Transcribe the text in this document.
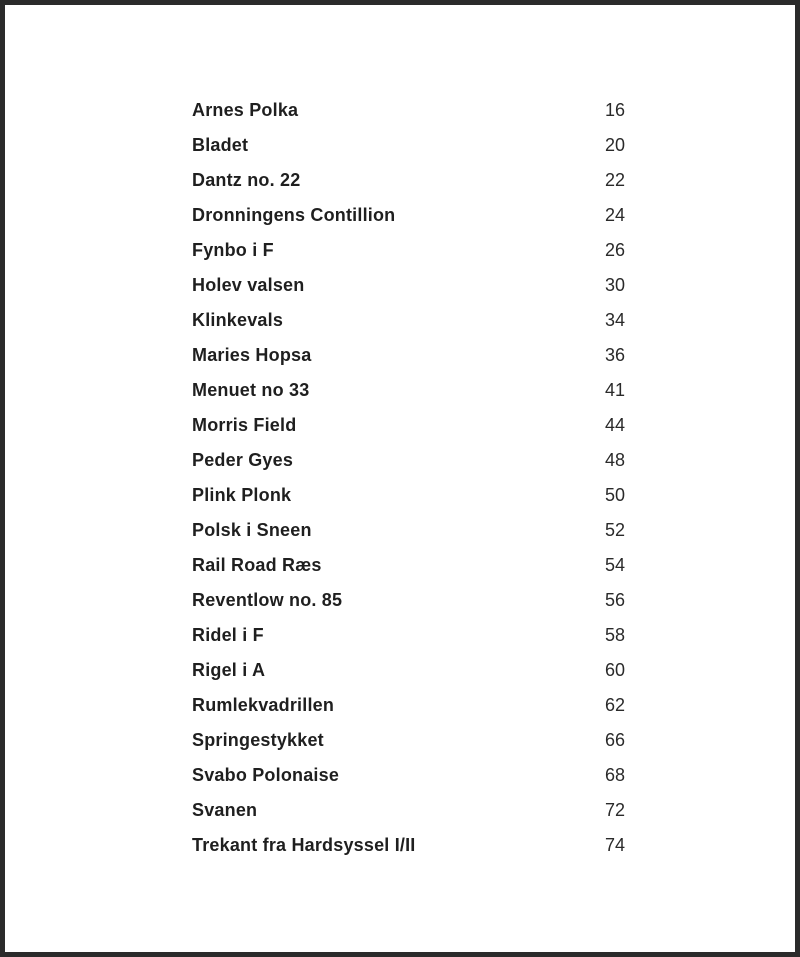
Arnes Polka	16
Bladet	20
Dantz no. 22	22
Dronningens Contillion	24
Fynbo i F	26
Holev valsen	30
Klinkevals	34
Maries Hopsa	36
Menuet no 33	41
Morris Field	44
Peder Gyes	48
Plink Plonk	50
Polsk i Sneen	52
Rail Road Ræs	54
Reventlow no. 85	56
Ridel i F	58
Rigel i A	60
Rumlekvadrillen	62
Springestykket	66
Svabo Polonaise	68
Svanen	72
Trekant fra Hardsyssel I/II	74
